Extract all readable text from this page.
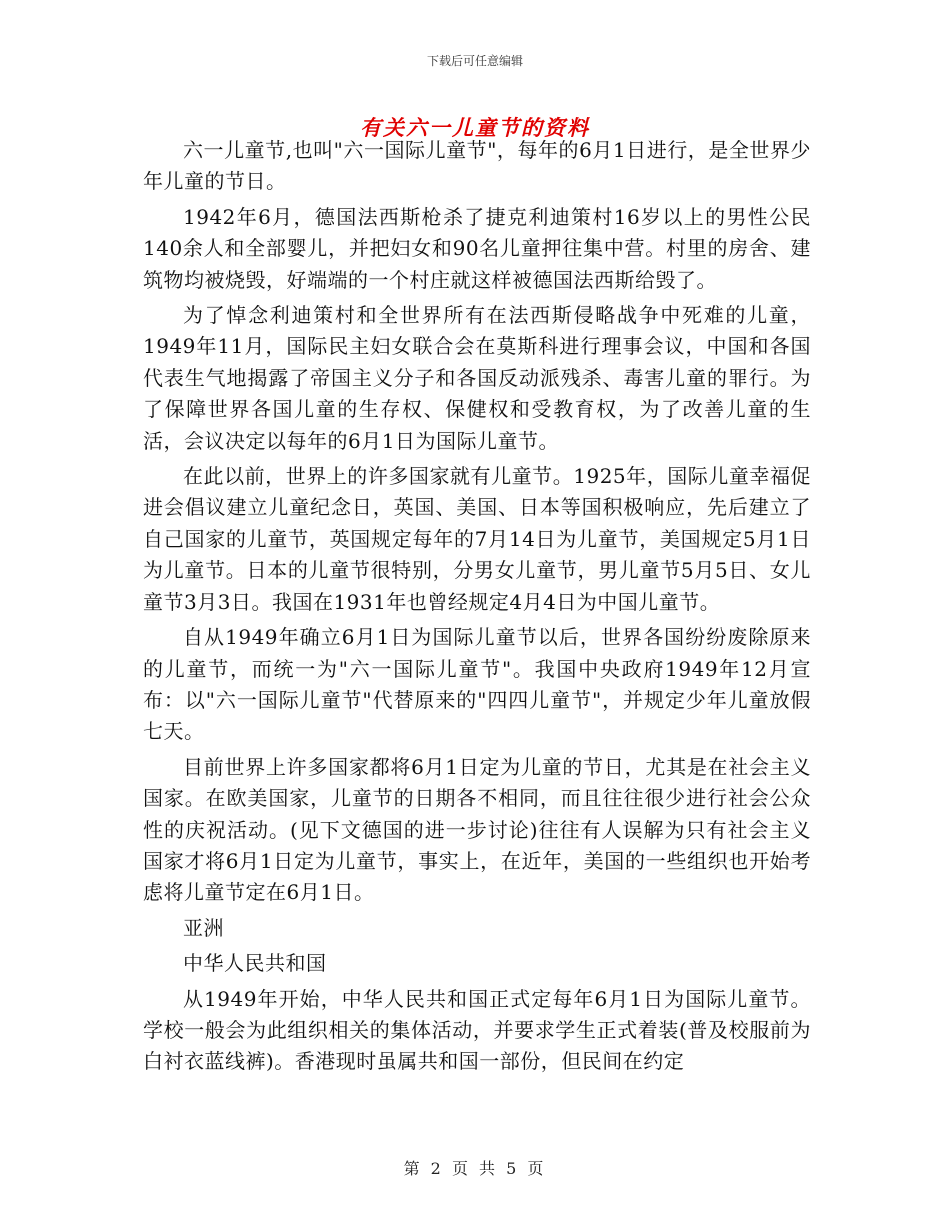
下载后可任意编辑
有关六一儿童节的资料

六一儿童节,也叫"六一国际儿童节"，每年的6月1日进行，是全世界少年儿童的节日。

1942年6月，德国法西斯枪杀了捷克利迪策村16岁以上的男性公民140余人和全部婴儿，并把妇女和90名儿童押往集中营。村里的房舍、建筑物均被烧毁，好端端的一个村庄就这样被德国法西斯给毁了。

为了悼念利迪策村和全世界所有在法西斯侵略战争中死难的儿童，1949年11月，国际民主妇女联合会在莫斯科进行理事会议，中国和各国代表生气地揭露了帝国主义分子和各国反动派残杀、毒害儿童的罪行。为了保障世界各国儿童的生存权、保健权和受教育权，为了改善儿童的生活，会议决定以每年的6月1日为国际儿童节。

在此以前，世界上的许多国家就有儿童节。1925年，国际儿童幸福促进会倡议建立儿童纪念日，英国、美国、日本等国积极响应，先后建立了自己国家的儿童节，英国规定每年的7月14日为儿童节，美国规定5月1日为儿童节。日本的儿童节很特别，分男女儿童节，男儿童节5月5日、女儿童节3月3日。我国在1931年也曾经规定4月4日为中国儿童节。

自从1949年确立6月1日为国际儿童节以后，世界各国纷纷废除原来的儿童节，而统一为"六一国际儿童节"。我国中央政府1949年12月宣布：以"六一国际儿童节"代替原来的"四四儿童节"，并规定少年儿童放假七天。

目前世界上许多国家都将6月1日定为儿童的节日，尤其是在社会主义国家。在欧美国家，儿童节的日期各不相同，而且往往很少进行社会公众性的庆祝活动。(见下文德国的进一步讨论)往往有人误解为只有社会主义国家才将6月1日定为儿童节，事实上，在近年，美国的一些组织也开始考虑将儿童节定在6月1日。

亚洲

中华人民共和国

从1949年开始，中华人民共和国正式定每年6月1日为国际儿童节。学校一般会为此组织相关的集体活动，并要求学生正式着装(普及校服前为白衬衣蓝线裤)。香港现时虽属共和国一部份，但民间在约定

第 2 页 共 5 页
